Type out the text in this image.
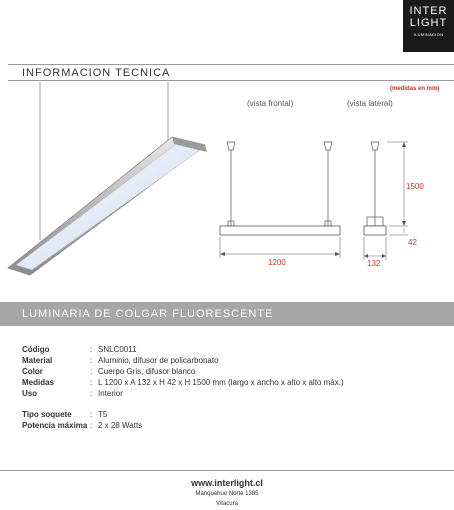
INTER
LIGHT
ILUMINACION
INFORMACION TECNICA
(medidas en mm)
(vista frontal)	(vista lateral)
1200
1500
42
132
LUMINARIA DE COLGAR FLUORESCENTE
Código	: SNLC0011
Material	: Aluminio, difusor de policarbonato
Color	: Cuerpo Gris, difusor blanco
Medidas	: L 1200 x A 132 x H 42 x H 1500 mm (largo x ancho x alto x alto máx.)
Uso	: Interior
Tipo soquete : T5
Potencia máxima : 2 x 28 Watts
www.interlight.cl
Manquehue Norte 1385
Vitacura
